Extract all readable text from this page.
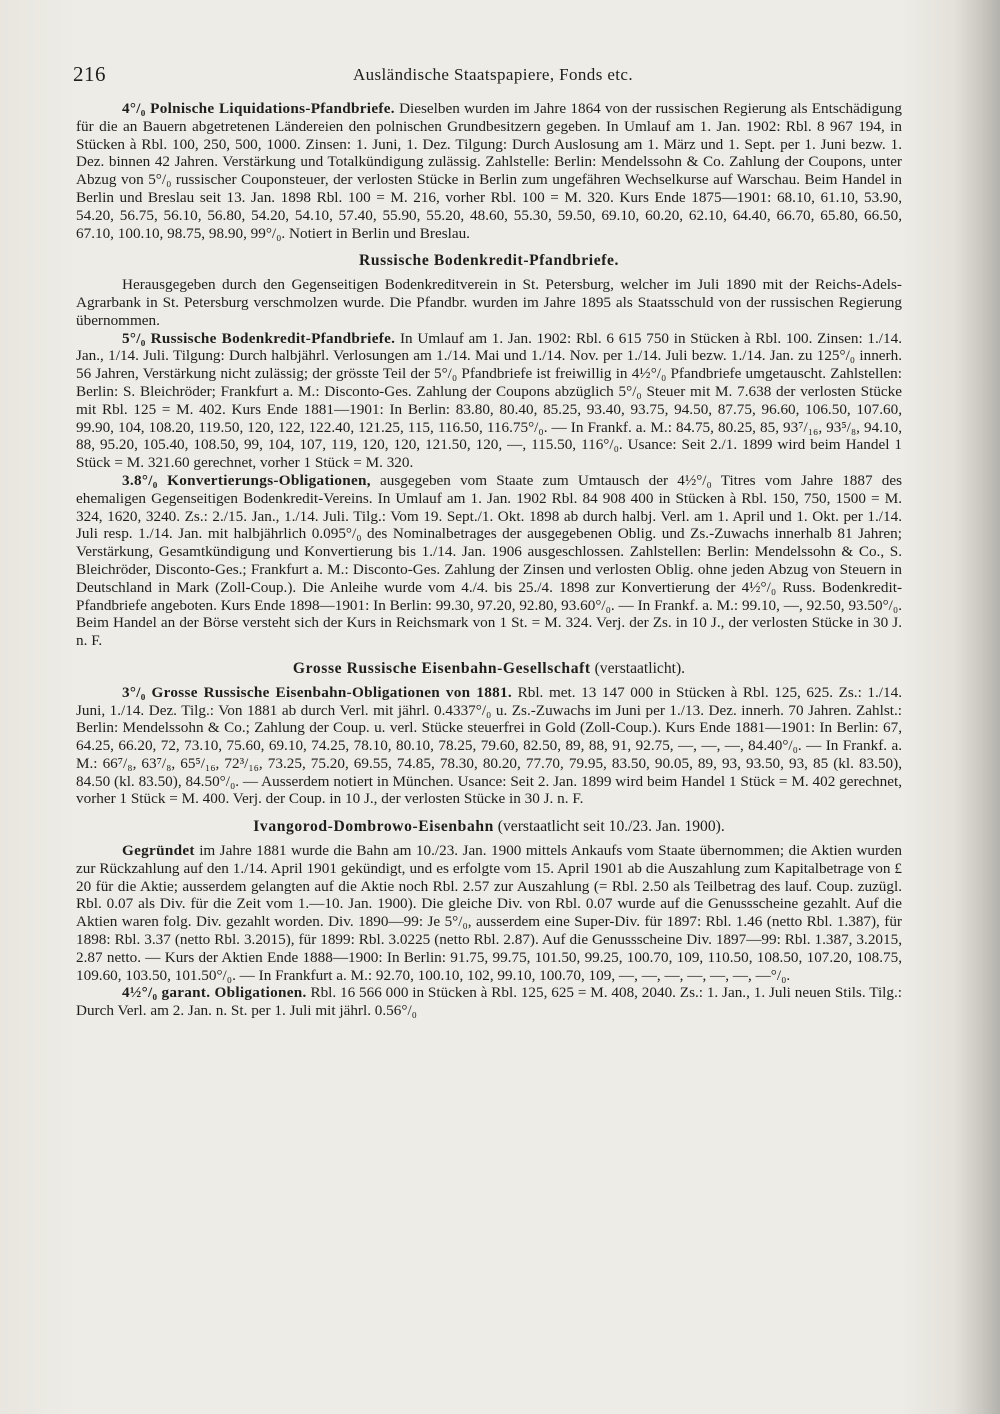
216	Ausländische Staatspapiere, Fonds etc.

4°/₀ Polnische Liquidations-Pfandbriefe. Dieselben wurden im Jahre 1864 von der russischen Regierung als Entschädigung für die an Bauern abgetretenen Ländereien den polnischen Grundbesitzern gegeben. In Umlauf am 1. Jan. 1902: Rbl. 8 967 194, in Stücken à Rbl. 100, 250, 500, 1000. Zinsen: 1. Juni, 1. Dez. Tilgung: Durch Auslosung am 1. März und 1. Sept. per 1. Juni bezw. 1. Dez. binnen 42 Jahren. Verstärkung und Totalkündigung zulässig. Zahlstelle: Berlin: Mendelssohn & Co. Zahlung der Coupons, unter Abzug von 5°/₀ russischer Couponsteuer, der verlosten Stücke in Berlin zum ungefähren Wechselkurse auf Warschau. Beim Handel in Berlin und Breslau seit 13. Jan. 1898 Rbl. 100 = M. 216, vorher Rbl. 100 = M. 320. Kurs Ende 1875—1901: 68.10, 61.10, 53.90, 54.20, 56.75, 56.10, 56.80, 54.20, 54.10, 57.40, 55.90, 55.20, 48.60, 55.30, 59.50, 69.10, 60.20, 62.10, 64.40, 66.70, 65.80, 66.50, 67.10, 100.10, 98.75, 98.90, 99°/₀. Notiert in Berlin und Breslau.

Russische Bodenkredit-Pfandbriefe.

Herausgegeben durch den Gegenseitigen Bodenkreditverein in St. Petersburg, welcher im Juli 1890 mit der Reichs-Adels-Agrarbank in St. Petersburg verschmolzen wurde. Die Pfandbr. wurden im Jahre 1895 als Staatsschuld von der russischen Regierung übernommen.

5°/₀ Russische Bodenkredit-Pfandbriefe. In Umlauf am 1. Jan. 1902: Rbl. 6 615 750 in Stücken à Rbl. 100. Zinsen: 1./14. Jan., 1/14. Juli. Tilgung: Durch halbjährl. Verlosungen am 1./14. Mai und 1./14. Nov. per 1./14. Juli bezw. 1./14. Jan. zu 125°/₀ innerh. 56 Jahren, Verstärkung nicht zulässig; der grösste Teil der 5°/₀ Pfandbriefe ist freiwillig in 4½°/₀ Pfandbriefe umgetauscht. Zahlstellen: Berlin: S. Bleichröder; Frankfurt a. M.: Disconto-Ges. Zahlung der Coupons abzüglich 5°/₀ Steuer mit M. 7.638 der verlosten Stücke mit Rbl. 125 = M. 402. Kurs Ende 1881—1901: In Berlin: 83.80, 80.40, 85.25, 93.40, 93.75, 94.50, 87.75, 96.60, 106.50, 107.60, 99.90, 104, 108.20, 119.50, 120, 122, 122.40, 121.25, 115, 116.50, 116.75°/₀. — In Frankf. a. M.: 84.75, 80.25, 85, 93⁷/₁₆, 93⁵/₈, 94.10, 88, 95.20, 105.40, 108.50, 99, 104, 107, 119, 120, 120, 121.50, 120, —, 115.50, 116°/₀. Usance: Seit 2./1. 1899 wird beim Handel 1 Stück = M. 321.60 gerechnet, vorher 1 Stück = M. 320.

3.8°/₀ Konvertierungs-Obligationen, ausgegeben vom Staate zum Umtausch der 4½°/₀ Titres vom Jahre 1887 des ehemaligen Gegenseitigen Bodenkredit-Vereins. In Umlauf am 1. Jan. 1902 Rbl. 84 908 400 in Stücken à Rbl. 150, 750, 1500 = M. 324, 1620, 3240. Zs.: 2./15. Jan., 1./14. Juli. Tilg.: Vom 19. Sept./1. Okt. 1898 ab durch halbj. Verl. am 1. April und 1. Okt. per 1./14. Juli resp. 1./14. Jan. mit halbjährlich 0.095°/₀ des Nominalbetrages der ausgegebenen Oblig. und Zs.-Zuwachs innerhalb 81 Jahren; Verstärkung, Gesamtkündigung und Konvertierung bis 1./14. Jan. 1906 ausgeschlossen. Zahlstellen: Berlin: Mendelssohn & Co., S. Bleichröder, Disconto-Ges.; Frankfurt a. M.: Disconto-Ges. Zahlung der Zinsen und verlosten Oblig. ohne jeden Abzug von Steuern in Deutschland in Mark (Zoll-Coup.). Die Anleihe wurde vom 4./4. bis 25./4. 1898 zur Konvertierung der 4½°/₀ Russ. Bodenkredit-Pfandbriefe angeboten. Kurs Ende 1898—1901: In Berlin: 99.30, 97.20, 92.80, 93.60°/₀. — In Frankf. a. M.: 99.10, —, 92.50, 93.50°/₀. Beim Handel an der Börse versteht sich der Kurs in Reichsmark von 1 St. = M. 324. Verj. der Zs. in 10 J., der verlosten Stücke in 30 J. n. F.

Grosse Russische Eisenbahn-Gesellschaft (verstaatlicht).

3°/₀ Grosse Russische Eisenbahn-Obligationen von 1881. Rbl. met. 13 147 000 in Stücken à Rbl. 125, 625. Zs.: 1./14. Juni, 1./14. Dez. Tilg.: Von 1881 ab durch Verl. mit jährl. 0.4337°/₀ u. Zs.-Zuwachs im Juni per 1./13. Dez. innerh. 70 Jahren. Zahlst.: Berlin: Mendelssohn & Co.; Zahlung der Coup. u. verl. Stücke steuerfrei in Gold (Zoll-Coup.). Kurs Ende 1881—1901: In Berlin: 67, 64.25, 66.20, 72, 73.10, 75.60, 69.10, 74.25, 78.10, 80.10, 78.25, 79.60, 82.50, 89, 88, 91, 92.75, —, —, —, 84.40°/₀. — In Frankf. a. M.: 66⁷/₈, 63⁷/₈, 65⁵/₁₆, 72³/₁₆, 73.25, 75.20, 69.55, 74.85, 78.30, 80.20, 77.70, 79.95, 83.50, 90.05, 89, 93, 93.50, 93, 85 (kl. 83.50), 84.50 (kl. 83.50), 84.50°/₀. — Ausserdem notiert in München. Usance: Seit 2. Jan. 1899 wird beim Handel 1 Stück = M. 402 gerechnet, vorher 1 Stück = M. 400. Verj. der Coup. in 10 J., der verlosten Stücke in 30 J. n. F.

Ivangorod-Dombrowo-Eisenbahn (verstaatlicht seit 10./23. Jan. 1900).

Gegründet im Jahre 1881 wurde die Bahn am 10./23. Jan. 1900 mittels Ankaufs vom Staate übernommen; die Aktien wurden zur Rückzahlung auf den 1./14. April 1901 gekündigt, und es erfolgte vom 15. April 1901 ab die Auszahlung zum Kapitalbetrage von £ 20 für die Aktie; ausserdem gelangten auf die Aktie noch Rbl. 2.57 zur Auszahlung (= Rbl. 2.50 als Teilbetrag des lauf. Coup. zuzügl. Rbl. 0.07 als Div. für die Zeit vom 1.—10. Jan. 1900). Die gleiche Div. von Rbl. 0.07 wurde auf die Genussscheine gezahlt. Auf die Aktien waren folg. Div. gezahlt worden. Div. 1890—99: Je 5°/₀, ausserdem eine Super-Div. für 1897: Rbl. 1.46 (netto Rbl. 1.387), für 1898: Rbl. 3.37 (netto Rbl. 3.2015), für 1899: Rbl. 3.0225 (netto Rbl. 2.87). Auf die Genussscheine Div. 1897—99: Rbl. 1.387, 3.2015, 2.87 netto. — Kurs der Aktien Ende 1888—1900: In Berlin: 91.75, 99.75, 101.50, 99.25, 100.70, 109, 110.50, 108.50, 107.20, 108.75, 109.60, 103.50, 101.50°/₀. — In Frankfurt a. M.: 92.70, 100.10, 102, 99.10, 100.70, 109, —, —, —, —, —, —, —°/₀.

4½°/₀ garant. Obligationen. Rbl. 16 566 000 in Stücken à Rbl. 125, 625 = M. 408, 2040. Zs.: 1. Jan., 1. Juli neuen Stils. Tilg.: Durch Verl. am 2. Jan. n. St. per 1. Juli mit jährl. 0.56°/₀
